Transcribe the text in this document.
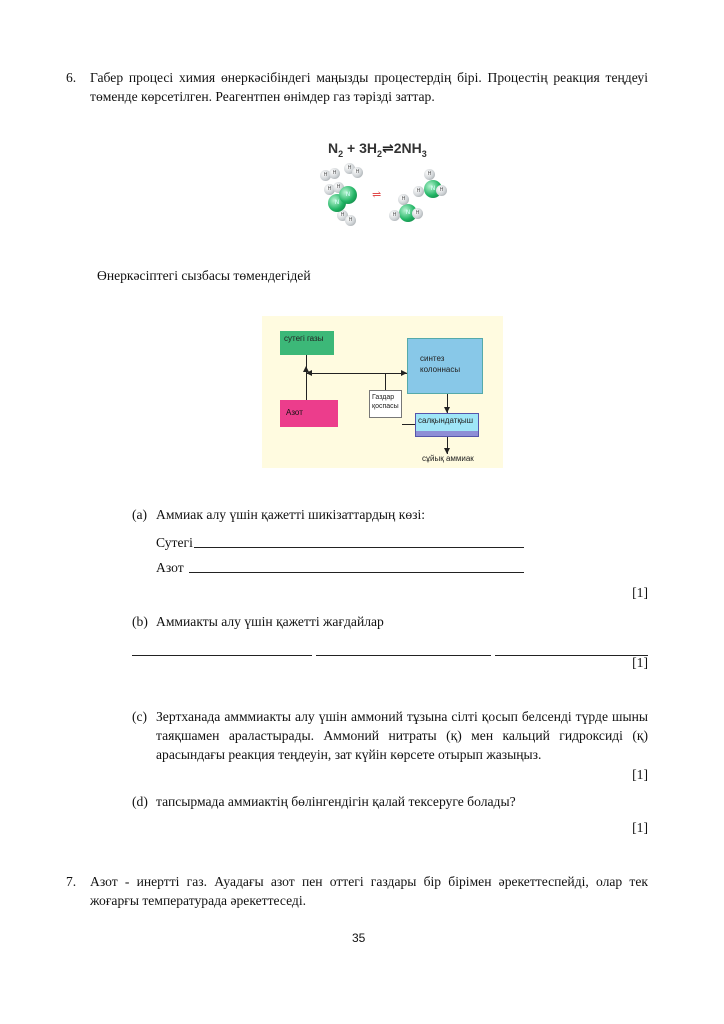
6. Габер процесі химия өнеркәсібіндегі маңызды процестердің бірі. Процестің реакция теңдеуі төменде көрсетілген. Реагентпен өнімдер газ тәрізді заттар.
$N_2$ + $3H_2\rightleftharpoons 2NH_3$
H	H
H
H
H	H
H
H
N
N	⇌
N
H
H
H
N
H
H
H
Өнеркәсіптегі сызбасы төмендегідей
сутегі газы
Азот
синтез
колоннасы
Газдар
қоспасы
салқындатқыш
сұйық аммиак
(a) Аммиак алу үшін қажетті шикізаттардың көзі:
Сутегі
Азот
[1]
(b) Аммиакты алу үшін қажетті жағдайлар
[1]
(c) Зертханада амммиакты алу үшін аммоний тұзына сілті қосып белсенді түрде шыны таяқшамен араластырады. Аммоний нитраты (қ) мен кальций гидроксиді (қ) арасындағы реакция теңдеуін, зат күйін көрсете отырып жазыңыз.
[1]
(d) тапсырмада аммиактің бөлінгендігін қалай тексеруге болады?
[1]
7. Азот - инертті газ. Ауадағы азот пен оттегі газдары бір бірімен әрекеттеспейді, олар тек жоғарғы температурада әрекеттеседі.
35
